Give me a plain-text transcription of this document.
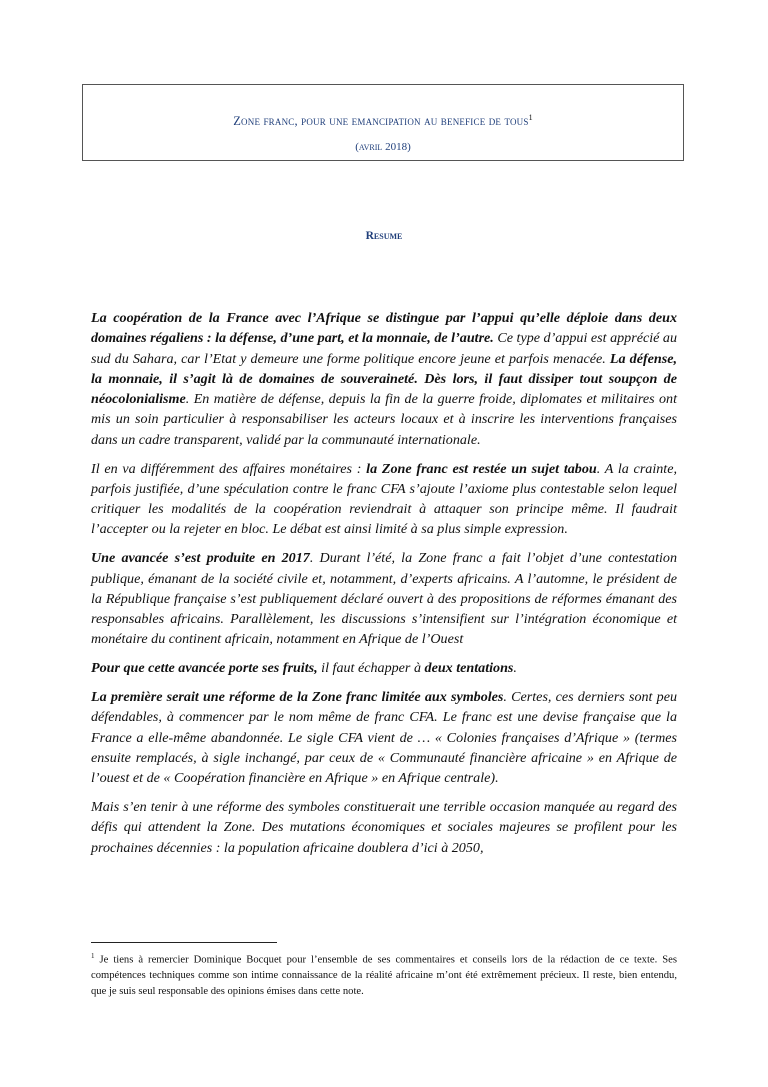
Zone franc, pour une emancipation au benefice de tous$^1$
(avril 2018)
Resume

La coopération de la France avec l’Afrique se distingue par l’appui qu’elle déploie dans deux domaines régaliens : la défense, d’une part, et la monnaie, de l’autre. Ce type d’appui est apprécié au sud du Sahara, car l’Etat y demeure une forme politique encore jeune et parfois menacée. La défense, la monnaie, il s’agit là de domaines de souveraineté. Dès lors, il faut dissiper tout soupçon de néocolonialisme. En matière de défense, depuis la fin de la guerre froide, diplomates et militaires ont mis un soin particulier à responsabiliser les acteurs locaux et à inscrire les interventions françaises dans un cadre transparent, validé par la communauté internationale.

Il en va différemment des affaires monétaires : la Zone franc est restée un sujet tabou. A la crainte, parfois justifiée, d’une spéculation contre le franc CFA s’ajoute l’axiome plus contestable selon lequel critiquer les modalités de la coopération reviendrait à attaquer son principe même. Il faudrait l’accepter ou la rejeter en bloc. Le débat est ainsi limité à sa plus simple expression.

Une avancée s’est produite en 2017. Durant l’été, la Zone franc a fait l’objet d’une contestation publique, émanant de la société civile et, notamment, d’experts africains. A l’automne, le président de la République française s’est publiquement déclaré ouvert à des propositions de réformes émanant des responsables africains. Parallèlement, les discussions s’intensifient sur l’intégration économique et monétaire du continent africain, notamment en Afrique de l’Ouest

Pour que cette avancée porte ses fruits, il faut échapper à deux tentations.

La première serait une réforme de la Zone franc limitée aux symboles. Certes, ces derniers sont peu défendables, à commencer par le nom même de franc CFA. Le franc est une devise française que la France a elle-même abandonnée. Le sigle CFA vient de … « Colonies françaises d’Afrique » (termes ensuite remplacés, à sigle inchangé, par ceux de « Communauté financière africaine » en Afrique de l’ouest et de « Coopération financière en Afrique » en Afrique centrale).

Mais s’en tenir à une réforme des symboles constituerait une terrible occasion manquée au regard des défis qui attendent la Zone. Des mutations économiques et sociales majeures se profilent pour les prochaines décennies : la population africaine doublera d’ici à 2050,

$^1$ Je tiens à remercier Dominique Bocquet pour l’ensemble de ses commentaires et conseils lors de la rédaction de ce texte. Ses compétences techniques comme son intime connaissance de la réalité africaine m’ont été extrêmement précieux. Il reste, bien entendu, que je suis seul responsable des opinions émises dans cette note.
